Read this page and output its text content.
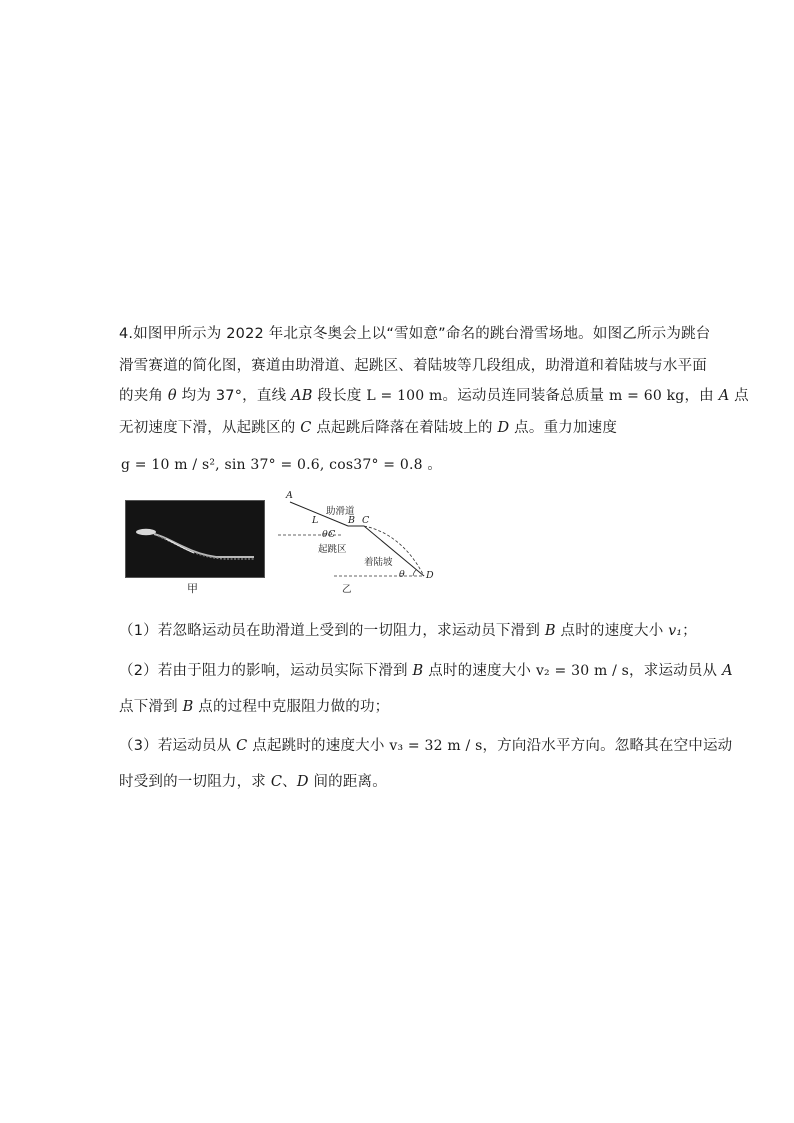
4.如图甲所示为 2022 年北京冬奥会上以“雪如意”命名的跳台滑雪场地。如图乙所示为跳台
滑雪赛道的简化图，赛道由助滑道、起跳区、着陆坡等几段组成，助滑道和着陆坡与水平面
的夹角 θ 均为 37°，直线 AB 段长度 L = 100 m。运动员连同装备总质量 m = 60 kg，由 A 点
无初速度下滑，从起跳区的 C 点起跳后降落在着陆坡上的 D 点。重力加速度
g = 10 m / s², sin 37° = 0.6, cos37° = 0.8 。
甲
A
L
助滑道
θ C
B C
起跳区
着陆坡
θ D
乙
（1）若忽略运动员在助滑道上受到的一切阻力，求运动员下滑到 B 点时的速度大小 v₁；
（2）若由于阻力的影响，运动员实际下滑到 B 点时的速度大小 v₂ = 30 m / s，求运动员从 A
点下滑到 B 点的过程中克服阻力做的功；
（3）若运动员从 C 点起跳时的速度大小 v₃ = 32 m / s，方向沿水平方向。忽略其在空中运动
时受到的一切阻力，求 C、D 间的距离。
